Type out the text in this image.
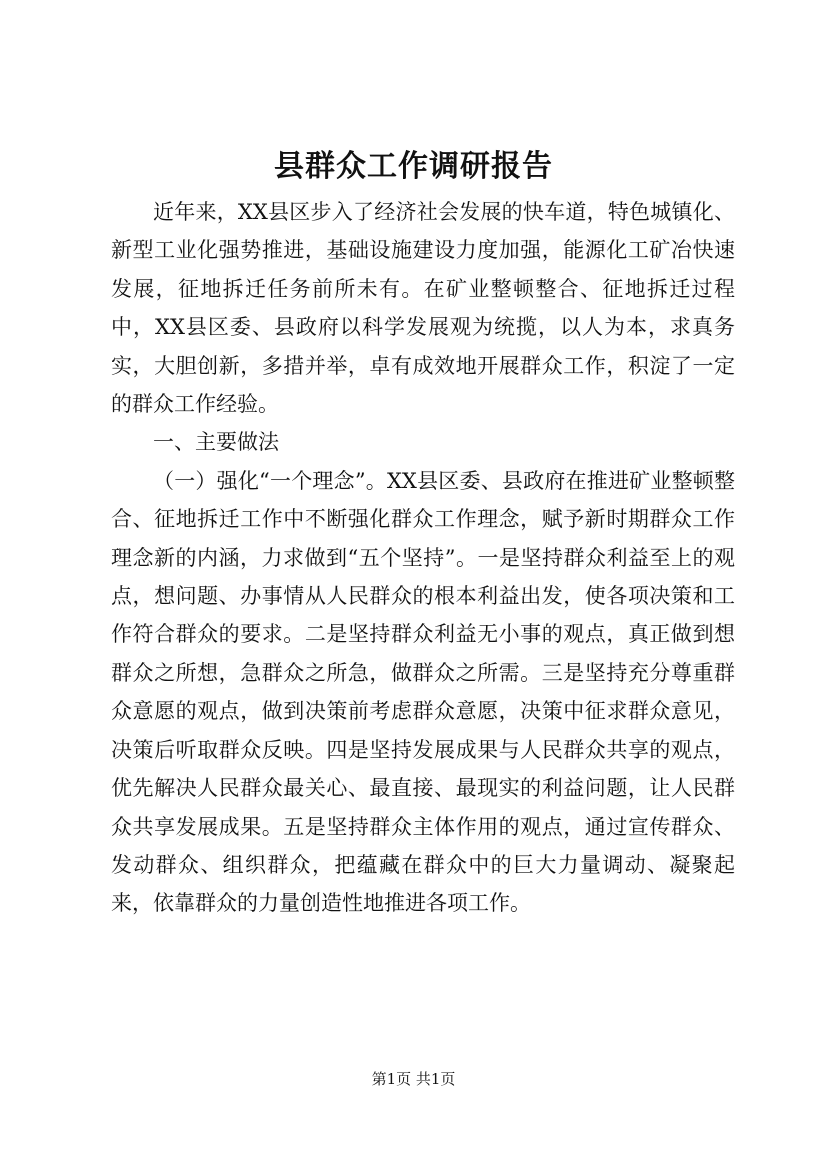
县群众工作调研报告

近年来，XX县区步入了经济社会发展的快车道，特色城镇化、新型工业化强势推进，基础设施建设力度加强，能源化工矿冶快速发展，征地拆迁任务前所未有。在矿业整顿整合、征地拆迁过程中，XX县区委、县政府以科学发展观为统揽，以人为本，求真务实，大胆创新，多措并举，卓有成效地开展群众工作，积淀了一定的群众工作经验。

一、主要做法

（一）强化“一个理念”。XX县区委、县政府在推进矿业整顿整合、征地拆迁工作中不断强化群众工作理念，赋予新时期群众工作理念新的内涵，力求做到“五个坚持”。一是坚持群众利益至上的观点，想问题、办事情从人民群众的根本利益出发，使各项决策和工作符合群众的要求。二是坚持群众利益无小事的观点，真正做到想群众之所想，急群众之所急，做群众之所需。三是坚持充分尊重群众意愿的观点，做到决策前考虑群众意愿，决策中征求群众意见，决策后听取群众反映。四是坚持发展成果与人民群众共享的观点，优先解决人民群众最关心、最直接、最现实的利益问题，让人民群众共享发展成果。五是坚持群众主体作用的观点，通过宣传群众、发动群众、组织群众，把蕴藏在群众中的巨大力量调动、凝聚起来，依靠群众的力量创造性地推进各项工作。

第1页 共1页
